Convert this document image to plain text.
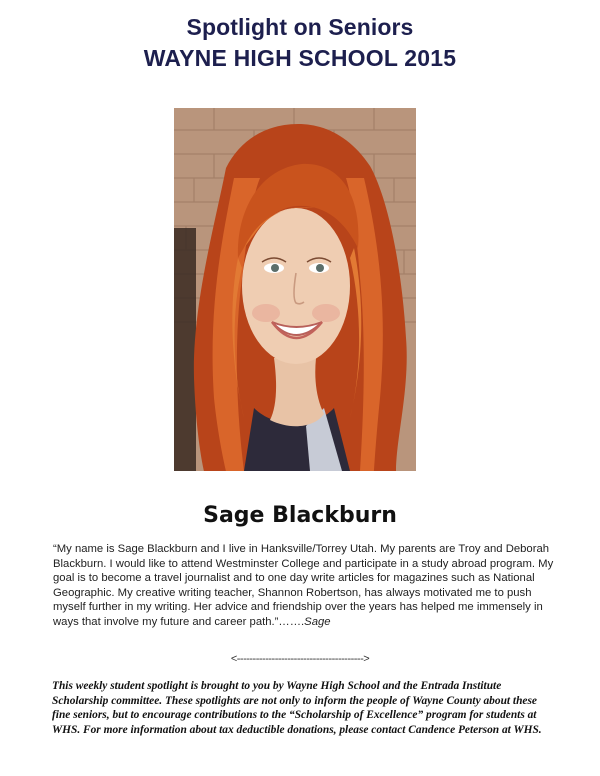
Spotlight on Seniors
WAYNE HIGH SCHOOL 2015
Sage Blackburn

“My name is Sage Blackburn and I live in Hanksville/Torrey Utah. My parents are Troy and Deborah Blackburn. I would like to attend Westminster College and participate in a study abroad program. My goal is to become a travel journalist and to one day write articles for magazines such as National Geographic. My creative writing teacher, Shannon Robertson, has always motivated me to push myself further in my writing. Her advice and friendship over the years has helped me immensely in ways that involve my future and career path.”…….Sage

<---------------------------------------->

This weekly student spotlight is brought to you by Wayne High School and the Entrada Institute Scholarship committee. These spotlights are not only to inform the people of Wayne County about these fine seniors, but to encourage contributions to the “Scholarship of Excellence” program for students at WHS. For more information about tax deductible donations, please contact Candence Peterson at WHS.
